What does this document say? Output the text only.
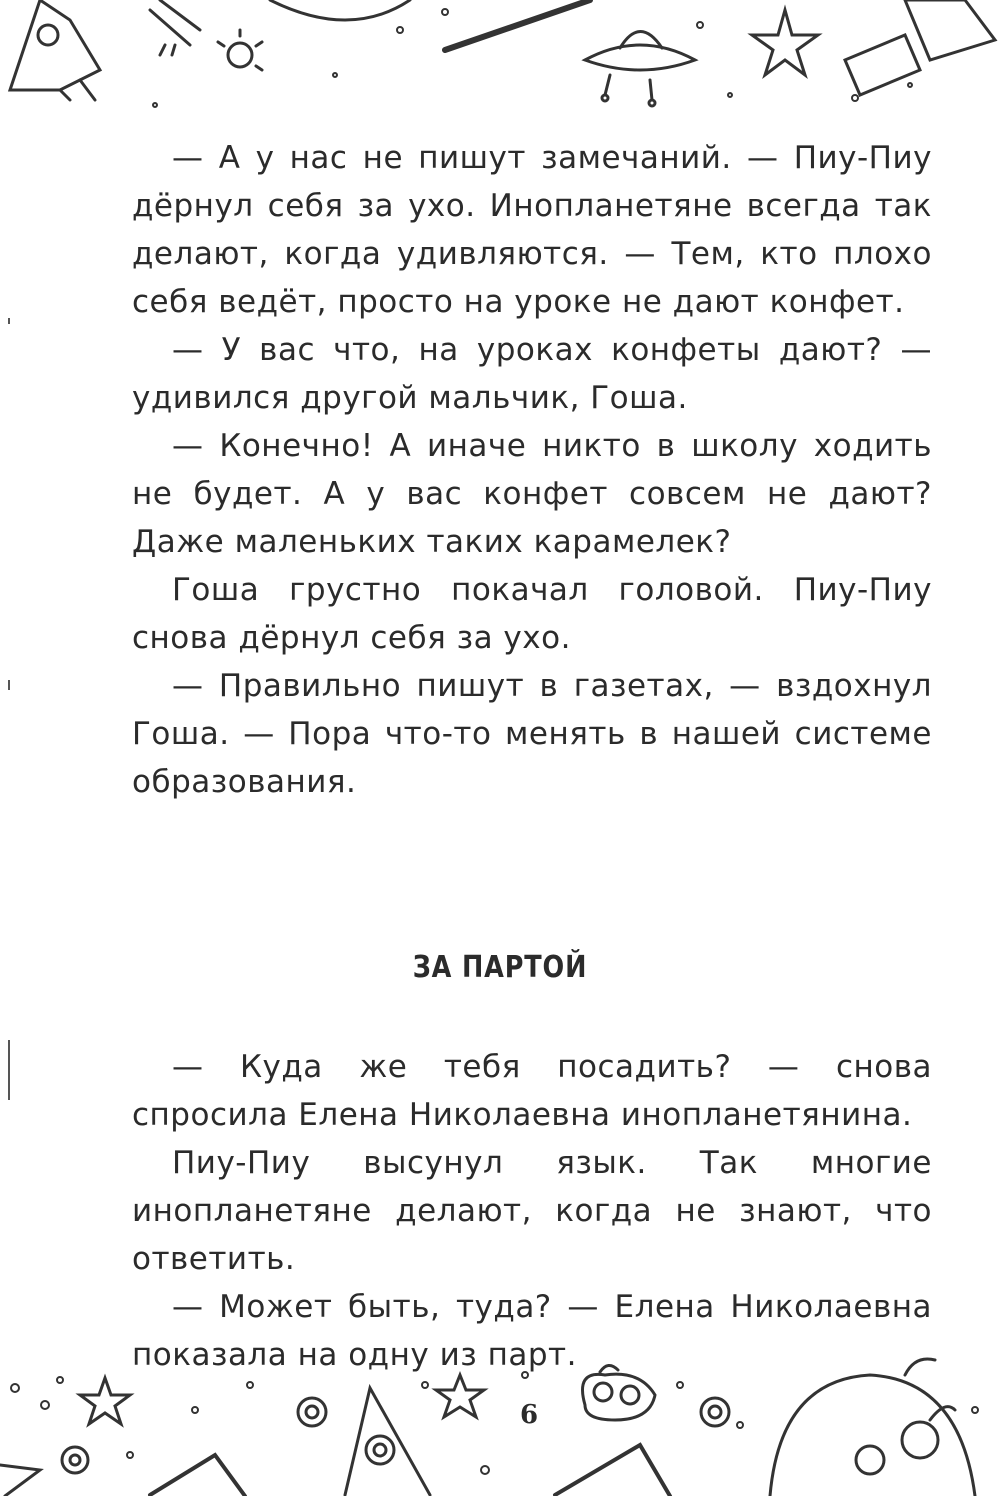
— А у нас не пишут замечаний. — Пиу-Пиу дёрнул себя за ухо. Инопланетяне всегда так делают, когда удивляются. — Тем, кто плохо себя ведёт, просто на уроке не дают конфет.

— У вас что, на уроках конфеты дают? — удивился другой мальчик, Гоша.

— Конечно! А иначе никто в школу ходить не будет. А у вас конфет совсем не дают? Даже маленьких таких карамелек?

Гоша грустно покачал головой. Пиу-Пиу снова дёрнул себя за ухо.

— Правильно пишут в газетах, — вздохнул Гоша. — Пора что-то менять в нашей системе образования.

ЗА ПАРТОЙ

— Куда же тебя посадить? — снова спросила Елена Николаевна инопланетянина.

Пиу-Пиу высунул язык. Так многие инопланетяне делают, когда не знают, что ответить.

— Может быть, туда? — Елена Николаевна показала на одну из парт.

6
